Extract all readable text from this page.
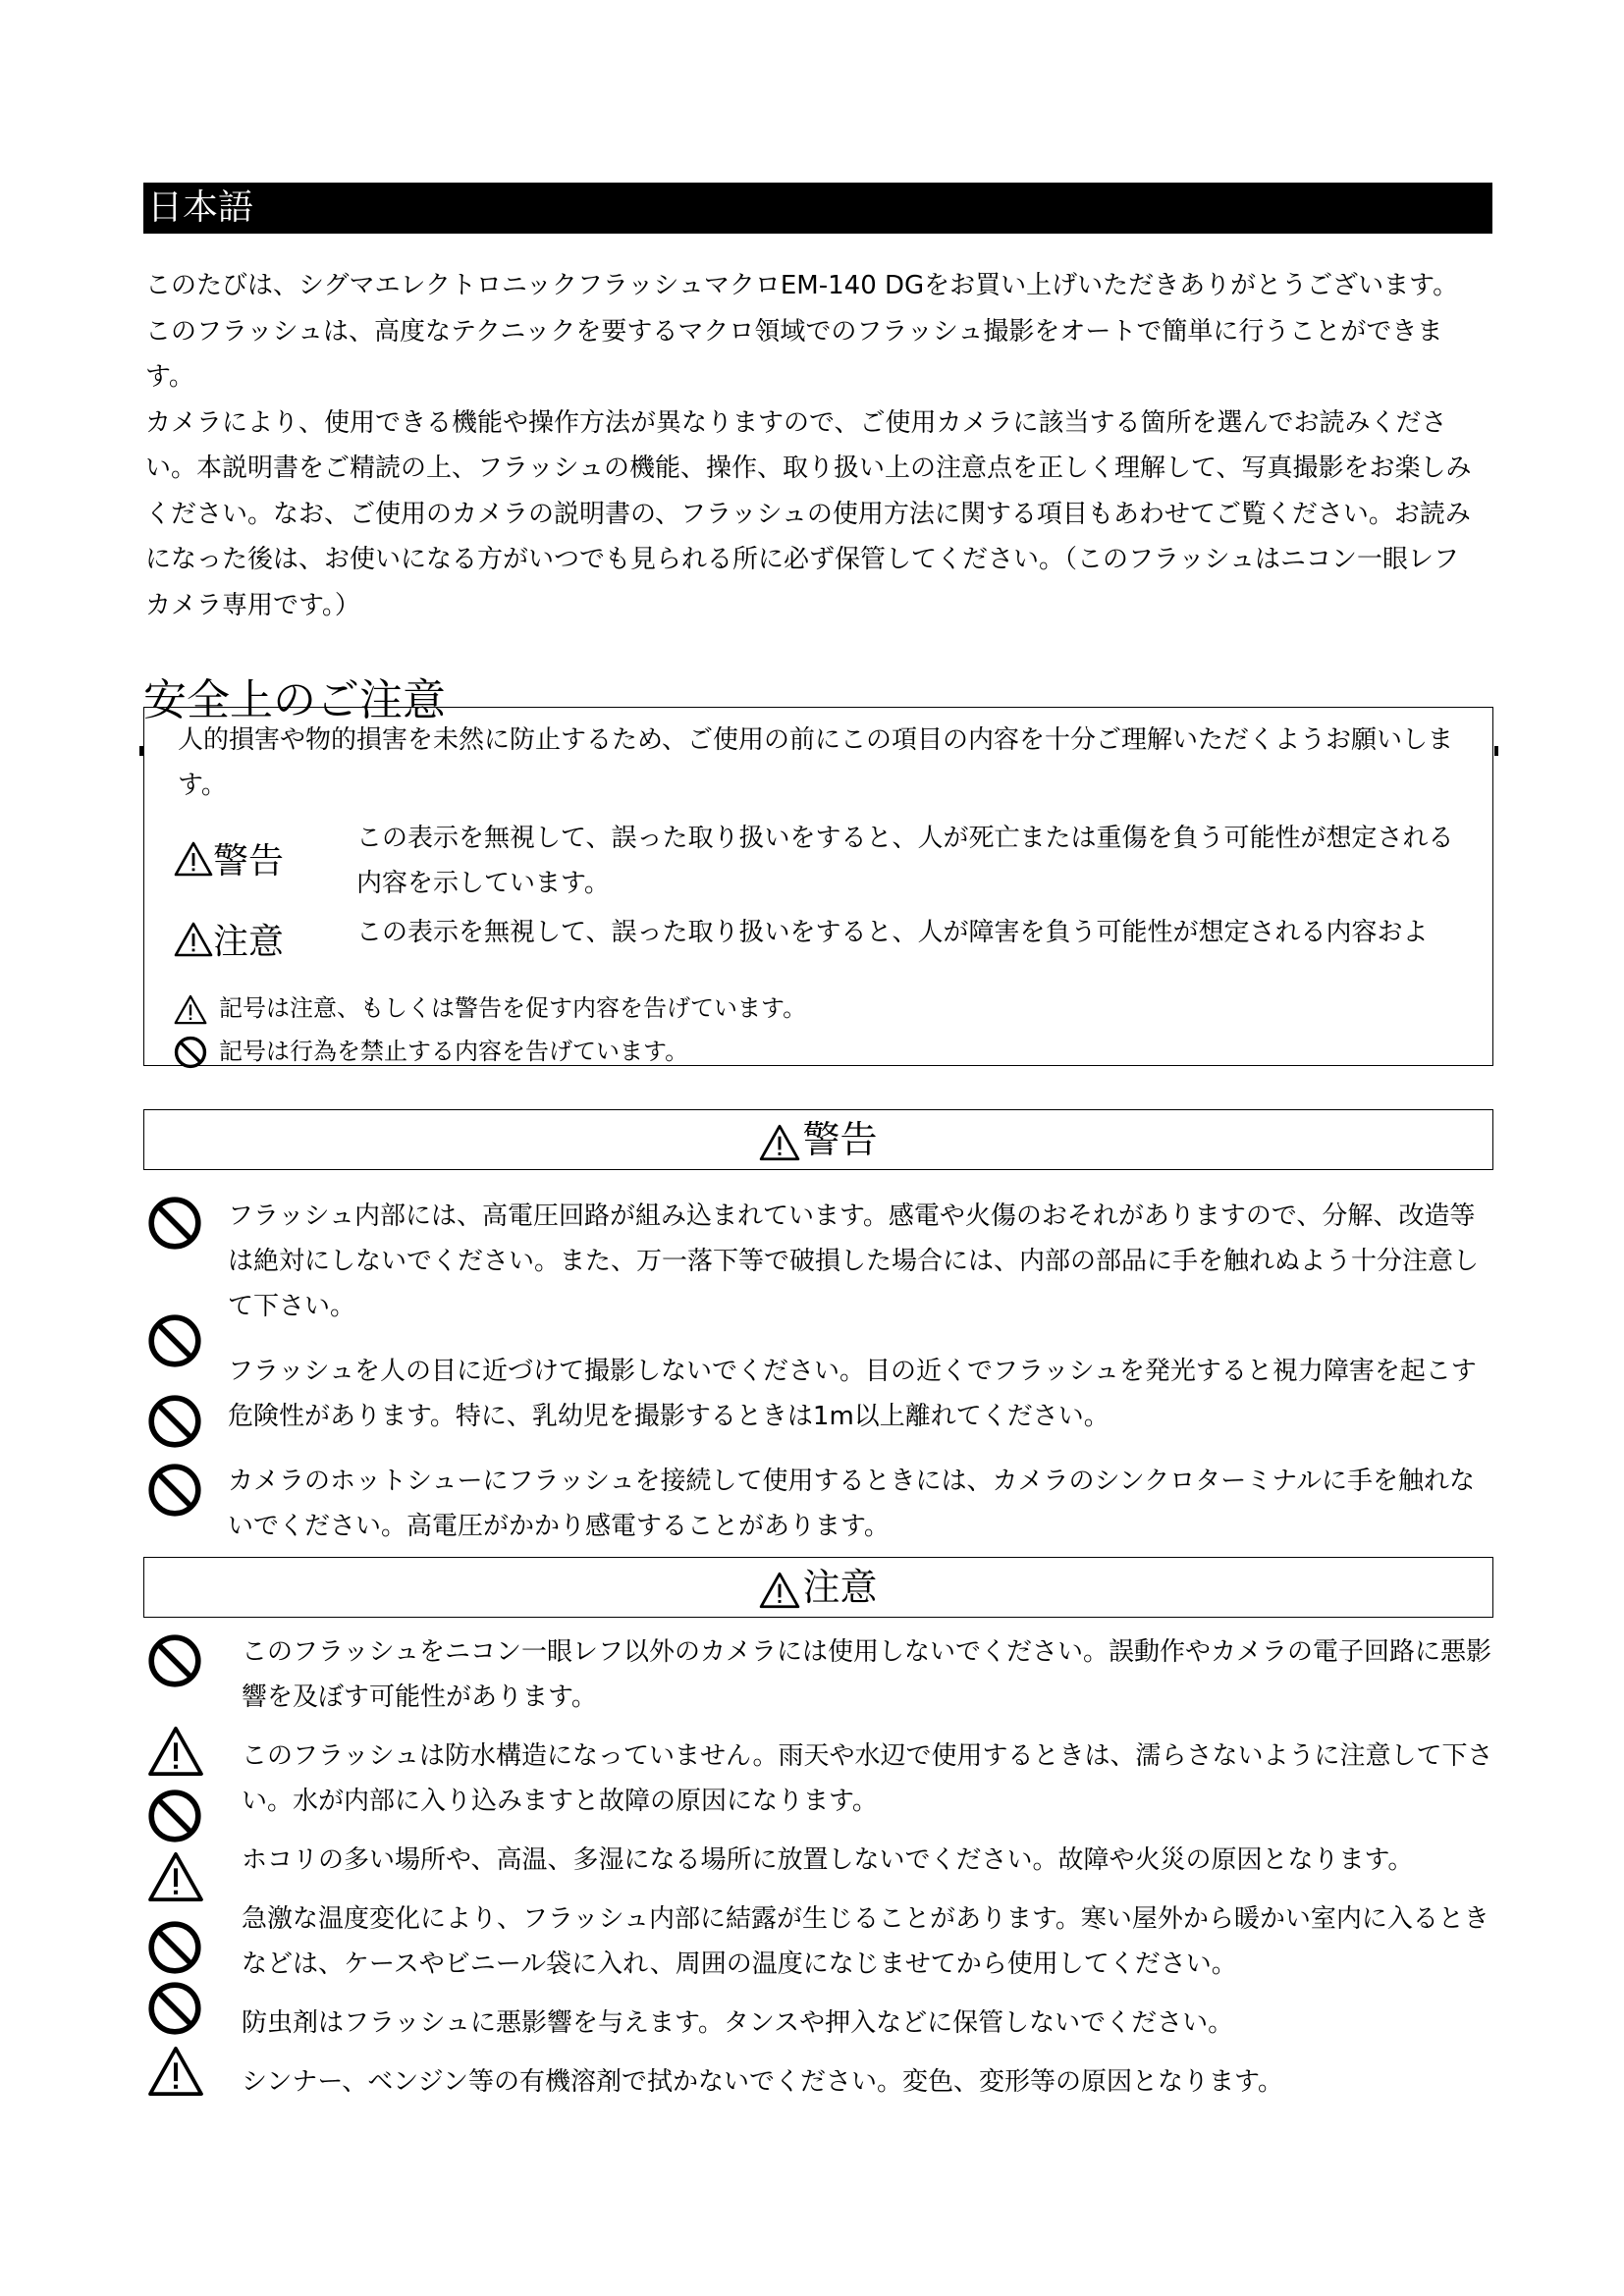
日本語

このたびは、シグマエレクトロニックフラッシュマクロEM-140 DGをお買い上げいただきありがとうございます。このフラッシュは、高度なテクニックを要するマクロ領域でのフラッシュ撮影をオートで簡単に行うことができます。

カメラにより、使用できる機能や操作方法が異なりますので、ご使用カメラに該当する箇所を選んでお読みください。本説明書をご精読の上、フラッシュの機能、操作、取り扱い上の注意点を正しく理解して、写真撮影をお楽しみください。なお、ご使用のカメラの説明書の、フラッシュの使用方法に関する項目もあわせてご覧ください。お読みになった後は、お使いになる方がいつでも見られる所に必ず保管してください。（このフラッシュはニコン一眼レフカメラ専用です。）

安全上のご注意
人的損害や物的損害を未然に防止するため、ご使用の前にこの項目の内容を十分ご理解いただくようお願いします。
警告
この表示を無視して、誤った取り扱いをすると、人が死亡または重傷を負う可能性が想定される内容を示しています。
注意	この表示を無視して、誤った取り扱いをすると、人が障害を負う可能性が想定される内容およ
記号は注意、もしくは警告を促す内容を告げています。
記号は行為を禁止する内容を告げています。
警告

フラッシュ内部には、高電圧回路が組み込まれています。感電や火傷のおそれがありますので、分解、改造等は絶対にしないでください。また、万一落下等で破損した場合には、内部の部品に手を触れぬよう十分注意して下さい。

フラッシュを人の目に近づけて撮影しないでください。目の近くでフラッシュを発光すると視力障害を起こす危険性があります。特に、乳幼児を撮影するときは1m以上離れてください。

カメラのホットシューにフラッシュを接続して使用するときには、カメラのシンクロターミナルに手を触れないでください。高電圧がかかり感電することがあります。

注意

このフラッシュをニコン一眼レフ以外のカメラには使用しないでください。誤動作やカメラの電子回路に悪影響を及ぼす可能性があります。

このフラッシュは防水構造になっていません。雨天や水辺で使用するときは、濡らさないように注意して下さい。水が内部に入り込みますと故障の原因になります。

ホコリの多い場所や、高温、多湿になる場所に放置しないでください。故障や火災の原因となります。

急激な温度変化により、フラッシュ内部に結露が生じることがあります。寒い屋外から暖かい室内に入るときなどは、ケースやビニール袋に入れ、周囲の温度になじませてから使用してください。

防虫剤はフラッシュに悪影響を与えます。タンスや押入などに保管しないでください。

シンナー、ベンジン等の有機溶剤で拭かないでください。変色、変形等の原因となります。
